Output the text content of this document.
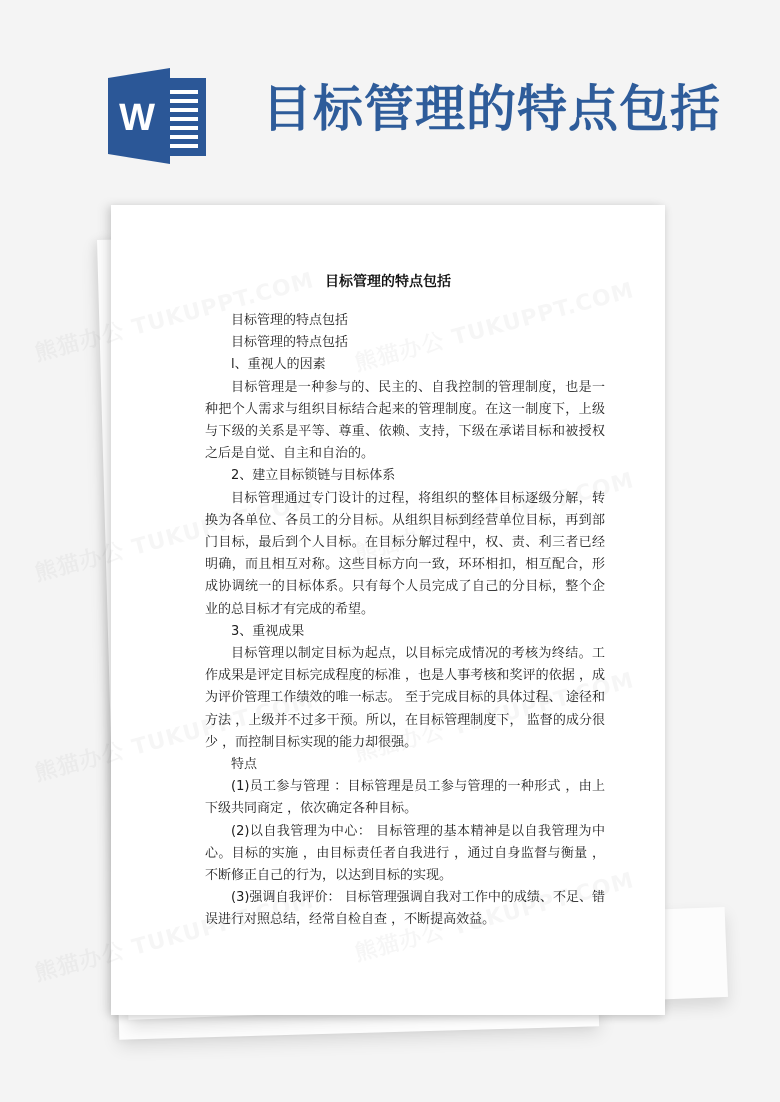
W 目标管理的特点包括
目标管理的特点包括

目标管理的特点包括

目标管理的特点包括

l、重视人的因素

目标管理是一种参与的、民主的、自我控制的管理制度，也是一种把个人需求与组织目标结合起来的管理制度。在这一制度下，上级与下级的关系是平等、尊重、依赖、支持，下级在承诺目标和被授权之后是自觉、自主和自治的。

2、建立目标锁链与目标体系

目标管理通过专门设计的过程，将组织的整体目标逐级分解，转换为各单位、各员工的分目标。从组织目标到经营单位目标，再到部门目标，最后到个人目标。在目标分解过程中，权、责、利三者已经明确，而且相互对称。这些目标方向一致，环环相扣，相互配合，形成协调统一的目标体系。只有每个人员完成了自己的分目标，整个企业的总目标才有完成的希望。

3、重视成果

目标管理以制定目标为起点，以目标完成情况的考核为终结。工作成果是评定目标完成程度的标准 ，也是人事考核和奖评的依据 ，成为评价管理工作绩效的唯一标志。 至于完成目标的具体过程、 途径和方法 ，上级并不过多干预。所以，在目标管理制度下， 监督的成分很少 ，而控制目标实现的能力却很强。

特点

(1)员工参与管理 ：目标管理是员工参与管理的一种形式 ，由上下级共同商定 ，依次确定各种目标。

(2)以自我管理为中心： 目标管理的基本精神是以自我管理为中心。目标的实施 ，由目标责任者自我进行 ，通过自身监督与衡量 ，不断修正自己的行为，以达到目标的实现。

(3)强调自我评价： 目标管理强调自我对工作中的成绩、不足、错误进行对照总结，经常自检自查 ，不断提高效益。
